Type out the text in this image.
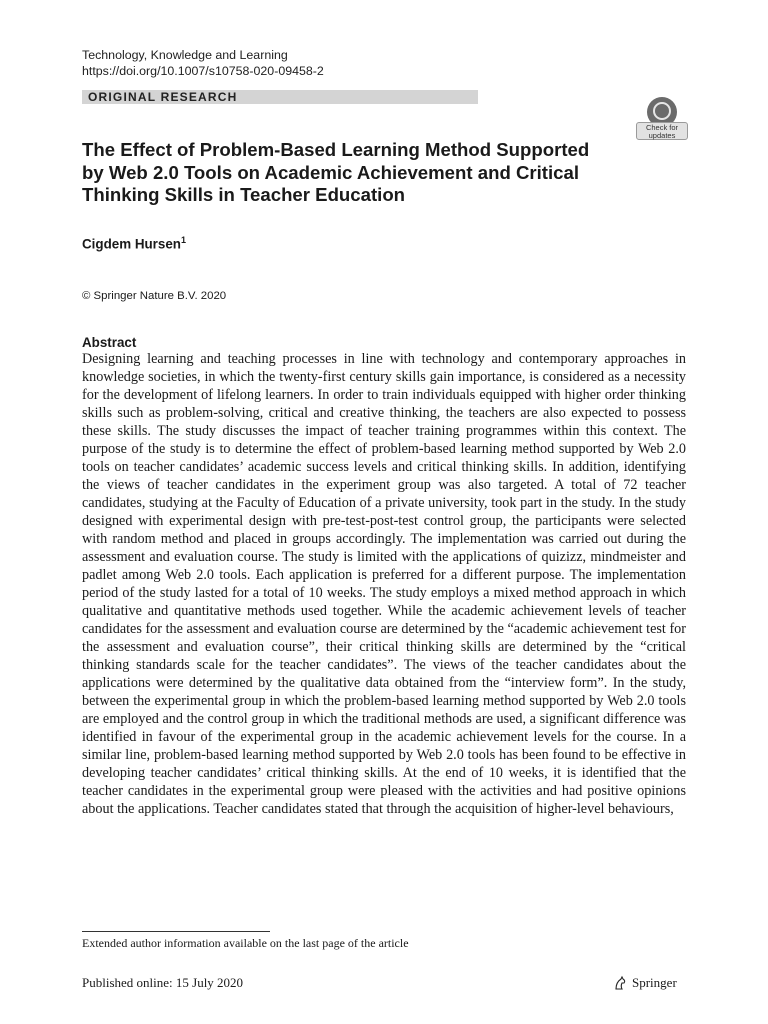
Technology, Knowledge and Learning
https://doi.org/10.1007/s10758-020-09458-2
ORIGINAL RESEARCH
Check for
updates
The Effect of Problem-Based Learning Method Supported
by Web 2.0 Tools on Academic Achievement and Critical
Thinking Skills in Teacher Education
Cigdem Hursen$^1$
© Springer Nature B.V. 2020
Abstract
Designing learning and teaching processes in line with technology and contemporary approaches in knowledge societies, in which the twenty-first century skills gain importance, is considered as a necessity for the development of lifelong learners. In order to train individuals equipped with higher order thinking skills such as problem-solving, critical and creative thinking, the teachers are also expected to possess these skills. The study discusses the impact of teacher training programmes within this context. The purpose of the study is to determine the effect of problem-based learning method supported by Web 2.0 tools on teacher candidates’ academic success levels and critical thinking skills. In addition, identifying the views of teacher candidates in the experiment group was also targeted. A total of 72 teacher candidates, studying at the Faculty of Education of a private university, took part in the study. In the study designed with experimental design with pre-test-post-test control group, the participants were selected with random method and placed in groups accordingly. The implementation was carried out during the assessment and evaluation course. The study is limited with the applications of quizizz, mindmeister and padlet among Web 2.0 tools. Each application is preferred for a different purpose. The implementation period of the study lasted for a total of 10 weeks. The study employs a mixed method approach in which qualitative and quantitative methods used together. While the academic achievement levels of teacher candidates for the assessment and evaluation course are determined by the “academic achievement test for the assessment and evaluation course”, their critical thinking skills are determined by the “critical thinking standards scale for the teacher candidates”. The views of the teacher candidates about the applications were determined by the qualitative data obtained from the “interview form”. In the study, between the experimental group in which the problem-based learning method supported by Web 2.0 tools are employed and the control group in which the traditional methods are used, a significant difference was identified in favour of the experimental group in the academic achievement levels for the course. In a similar line, problem-based learning method supported by Web 2.0 tools has been found to be effective in developing teacher candidates’ critical thinking skills. At the end of 10 weeks, it is identified that the teacher candidates in the experimental group were pleased with the activities and had positive opinions about the applications. Teacher candidates stated that through the acquisition of higher-level behaviours,
Extended author information available on the last page of the article
Published online: 15 July 2020	Springer
